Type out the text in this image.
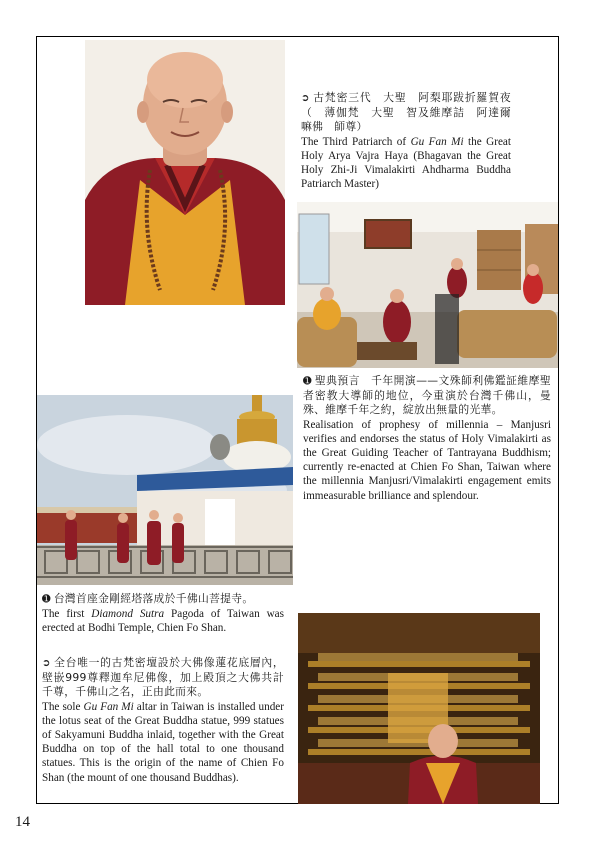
➲ 古梵密三代　大聖　阿梨耶跋折羅賀夜（　薄伽梵　大聖　智及維摩詰　阿達爾嘛佛　師尊）

The Third Patriarch of Gu Fan Mi the Great Holy Arya Vajra Haya (Bhagavan the Great Holy Zhi-Ji Vimalakirti Ahdharma Buddha Patriarch Master)

➊ 聖典預言　千年開演——文殊師利佛鑑証維摩聖者密教大導師的地位，今重演於台灣千佛山，曼殊、維摩千年之約，綻放出無量的光華。

Realisation of prophesy of millennia – Manjusri verifies and endorses the status of Holy Vimalakirti as the Great Guiding Teacher of Tantrayana Buddhism; currently re-enacted at Chien Fo Shan, Taiwan where the millennia Manjusri/Vimalakirti engagement emits immeasurable brilliance and splendour.

➊ 台灣首座金剛經塔落成於千佛山菩提寺。

The first Diamond Sutra Pagoda of Taiwan was erected at Bodhi Temple, Chien Fo Shan.

➲ 全台唯一的古梵密壇設於大佛像蓮花底層內，壁嵌999尊釋迦牟尼佛像，加上殿頂之大佛共計千尊，千佛山之名，正由此而來。

The sole Gu Fan Mi altar in Taiwan is installed under the lotus seat of the Great Buddha statue, 999 statues of Sakyamuni Buddha inlaid, together with the Great Buddha on top of the hall total to one thousand statues. This is the origin of the name of Chien Fo Shan (the mount of one thousand Buddhas).

14
